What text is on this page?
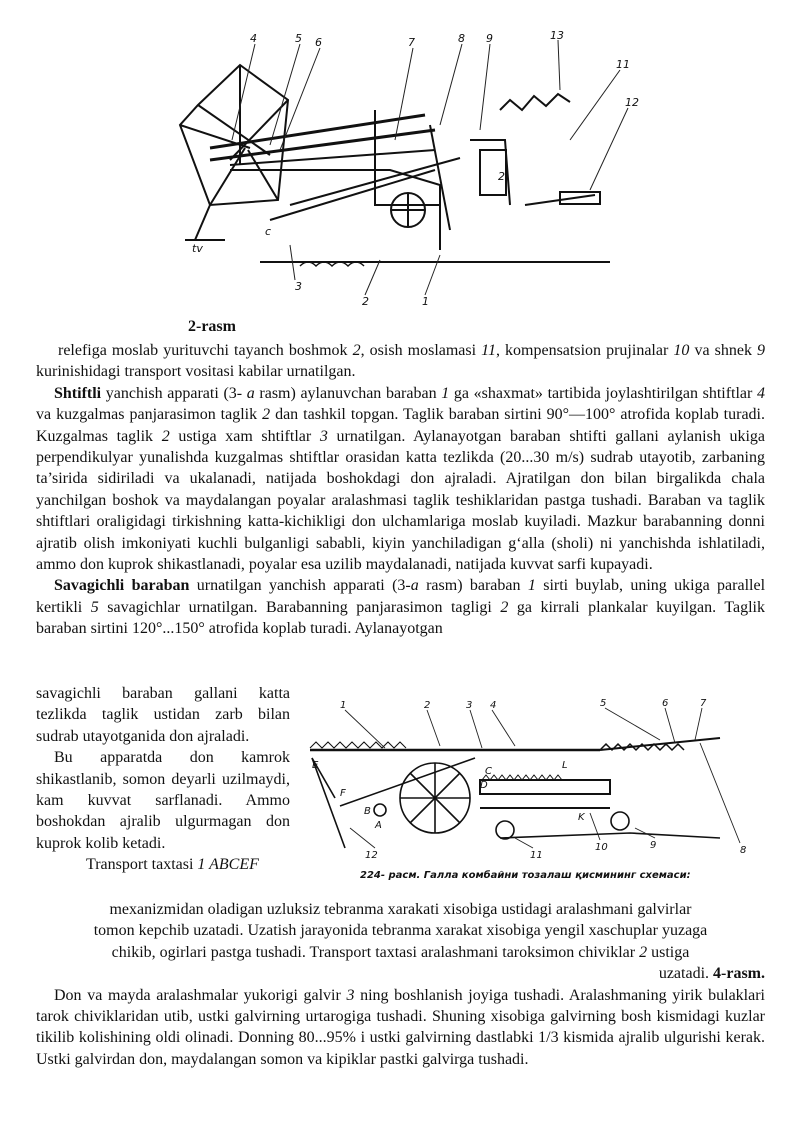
4	5 6	7	8 9	13
11
12
2
3
2	1
c
tv
2-rasm

relefiga moslab yurituvchi tayanch boshmok 2, osish moslamasi 11, kompensatsion prujinalar 10 va shnek 9 kurinishidagi transport vositasi kabilar urnatilgan.

Shtiftli yanchish apparati (3- a rasm) aylanuvchan baraban 1 ga «shaxmat» tartibida joylashtirilgan shtiftlar 4 va kuzgalmas panjarasimon taglik 2 dan tashkil topgan. Taglik baraban sirtini 90°—100° atrofida koplab turadi. Kuzgalmas taglik 2 ustiga xam shtiftlar 3 urnatilgan. Aylanayotgan baraban shtifti gallani aylanish ukiga perpendikulyar yunalishda kuzgalmas shtiftlar orasidan katta tezlikda (20...30 m/s) sudrab utayotib, zarbaning ta’sirida sidiriladi va ukalanadi, natijada boshokdagi don ajraladi. Ajratilgan don bilan birgalikda chala yanchilgan boshok va maydalangan poyalar aralashmasi taglik teshiklaridan pastga tushadi. Baraban va taglik shtiftlari oraligidagi tirkishning katta-kichikligi don ulchamlariga moslab kuyiladi. Mazkur barabanning donni ajratib olish imkoniyati kuchli bulganligi sababli, kiyin yanchiladigan g‘alla (sholi) ni yanchishda ishlatiladi, ammo don kuprok shikastlanadi, poyalar esa uzilib maydalanadi, natijada kuvvat sarfi kupayadi.

Savagichli baraban urnatilgan yanchish apparati (3-a rasm) baraban 1 sirti buylab, uning ukiga parallel kertikli 5 savagichlar urnatilgan. Barabanning panjarasimon tagligi 2 ga kirrali plankalar kuyilgan. Taglik baraban sirtini 120°...150° atrofida koplab turadi. Aylanayotgan

savagichli baraban gallani katta tezlikda taglik ustidan zarb bilan sudrab utayotganida don ajraladi.

Bu apparatda don kamrok shikastlanib, somon deyarli uzilmaydi, kam kuvvat sarflanadi. Ammo boshokdan ajralib ulgurmagan don kuprok kolib ketadi.

Transport taxtasi 1 ABCEF

1	2	3 4	5	6	7
8
9
10
11
12
E
F
B
A
C
D
K
L
224- расм. Галла комбайни тозалаш қисмининг схемаси:
mexanizmidan oladigan uzluksiz tebranma xarakati xisobiga ustidagi aralashmani galvirlar
tomon kepchib uzatadi. Uzatish jarayonida tebranma xarakat xisobiga yengil xaschuplar yuzaga
chikib, ogirlari pastga tushadi. Transport taxtasi aralashmani taroksimon chiviklar 2 ustiga
uzatadi. 4-rasm.

Don va mayda aralashmalar yukorigi galvir 3 ning boshlanish joyiga tushadi. Aralashmaning yirik bulaklari tarok chiviklaridan utib, ustki galvirning urtarogiga tushadi. Shuning xisobiga galvirning bosh kismidagi kuzlar tikilib kolishining oldi olinadi. Donning 80...95% i ustki galvirning dastlabki 1/3 kismida ajralib ulgurishi kerak. Ustki galvirdan don, maydalangan somon va kipiklar pastki galvirga tushadi.
